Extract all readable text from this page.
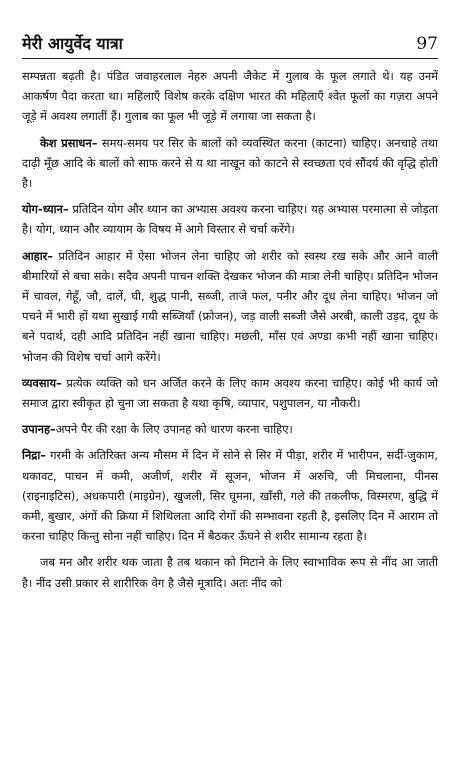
मेरी आयुर्वेद यात्रा	97

सम्पन्नता बढ़ती है। पंडित जवाहरलाल नेहरु अपनी जैकेट में गुलाब के फूल लगाते थे। यह उनमें आकर्षण पैदा करता था। महिलाएँ विशेष करके दक्षिण भारत की महिलाएँ श्वेत फूलों का गज़रा अपने जूड़े में अवश्य लगातीं हैं। गुलाब का फूल भी जूड़े में लगाया जा सकता है।

केश प्रसाधन– समय-समय पर सिर के बालों को व्यवस्थित करना (काटना) चाहिए। अनचाहे तथा दाढ़ी मूँछ आदि के बालों को साफ करने से य था नाखून को काटने से स्वच्छता एवं सौंदर्य की वृद्धि होती है।

योग-ध्यान– प्रतिदिन योग और ध्यान का अभ्यास अवश्य करना चाहिए। यह अभ्यास परमात्मा से जोड़ता है। योग, ध्यान और व्यायाम के विषय में आगे विस्तार से चर्चा करेंगे।

आहार– प्रतिदिन आहार में ऐसा भोजन लेना चाहिए जो शरीर को स्वस्थ रख सके और आने वाली बीमारियों से बचा सके। सदैव अपनी पाचन शक्ति देखकर भोजन की मात्रा लेनी चाहिए। प्रतिदिन भोजन में चावल, गेहूँ, जौ, दालें, घी, शुद्ध पानी, सब्जी, ताजे फल, पनीर और दूध लेना चाहिए। भोजन जो पचने में भारी हों यथा सुखाई गयी सब्जियाँ (फ्रोजन), जड़ वाली सब्जी जैसे अरबी, काली उड़द, दूध के बने पदार्थ, दही आदि प्रतिदिन नहीं खाना चाहिए। मछली, माँस एवं अण्डा कभी नहीं खाना चाहिए। भोजन की विशेष चर्चा आगे करेंगे।

व्यवसाय– प्रत्येक व्यक्ति को धन अर्जित करने के लिए काम अवश्य करना चाहिए। कोई भी कार्य जो समाज द्वारा स्वीकृत हो चुना जा सकता है यथा कृषि, व्यापार, पशुपालन, या नौकरी।

उपानह–अपने पैर की रक्षा के लिए उपानह को धारण करना चाहिए।

निद्रा– गरमी के अतिरिक्त अन्य मौसम में दिन में सोने से सिर में पीड़ा, शरीर में भारीपन, सर्दी-जुकाम, थकावट, पाचन में कमी, अजीर्ण, शरीर में सूजन, भोजन में अरुचि, जी मिचलाना, पीनस (राइनाइटिस), अधकपारी (माइग्रेन), खुजली, सिर घूमना, खाँसी, गले की तकलीफ, विस्मरण, बुद्धि में कमी, बुखार, अंगों की क्रिया में शिथिलता आदि रोगों की सम्भावना रहती है, इसलिए दिन में आराम तो करना चाहिए किन्तु सोना नहीं चाहिए। दिन में बैठकर ऊँघने से शरीर सामान्य रहता है।

जब मन और शरीर थक जाता है तब थकान को मिटाने के लिए स्वाभाविक रूप से नींद आ जाती है। नींद उसी प्रकार से शारीरिक वेग है जैसे मूत्रादि। अतः नींद को
